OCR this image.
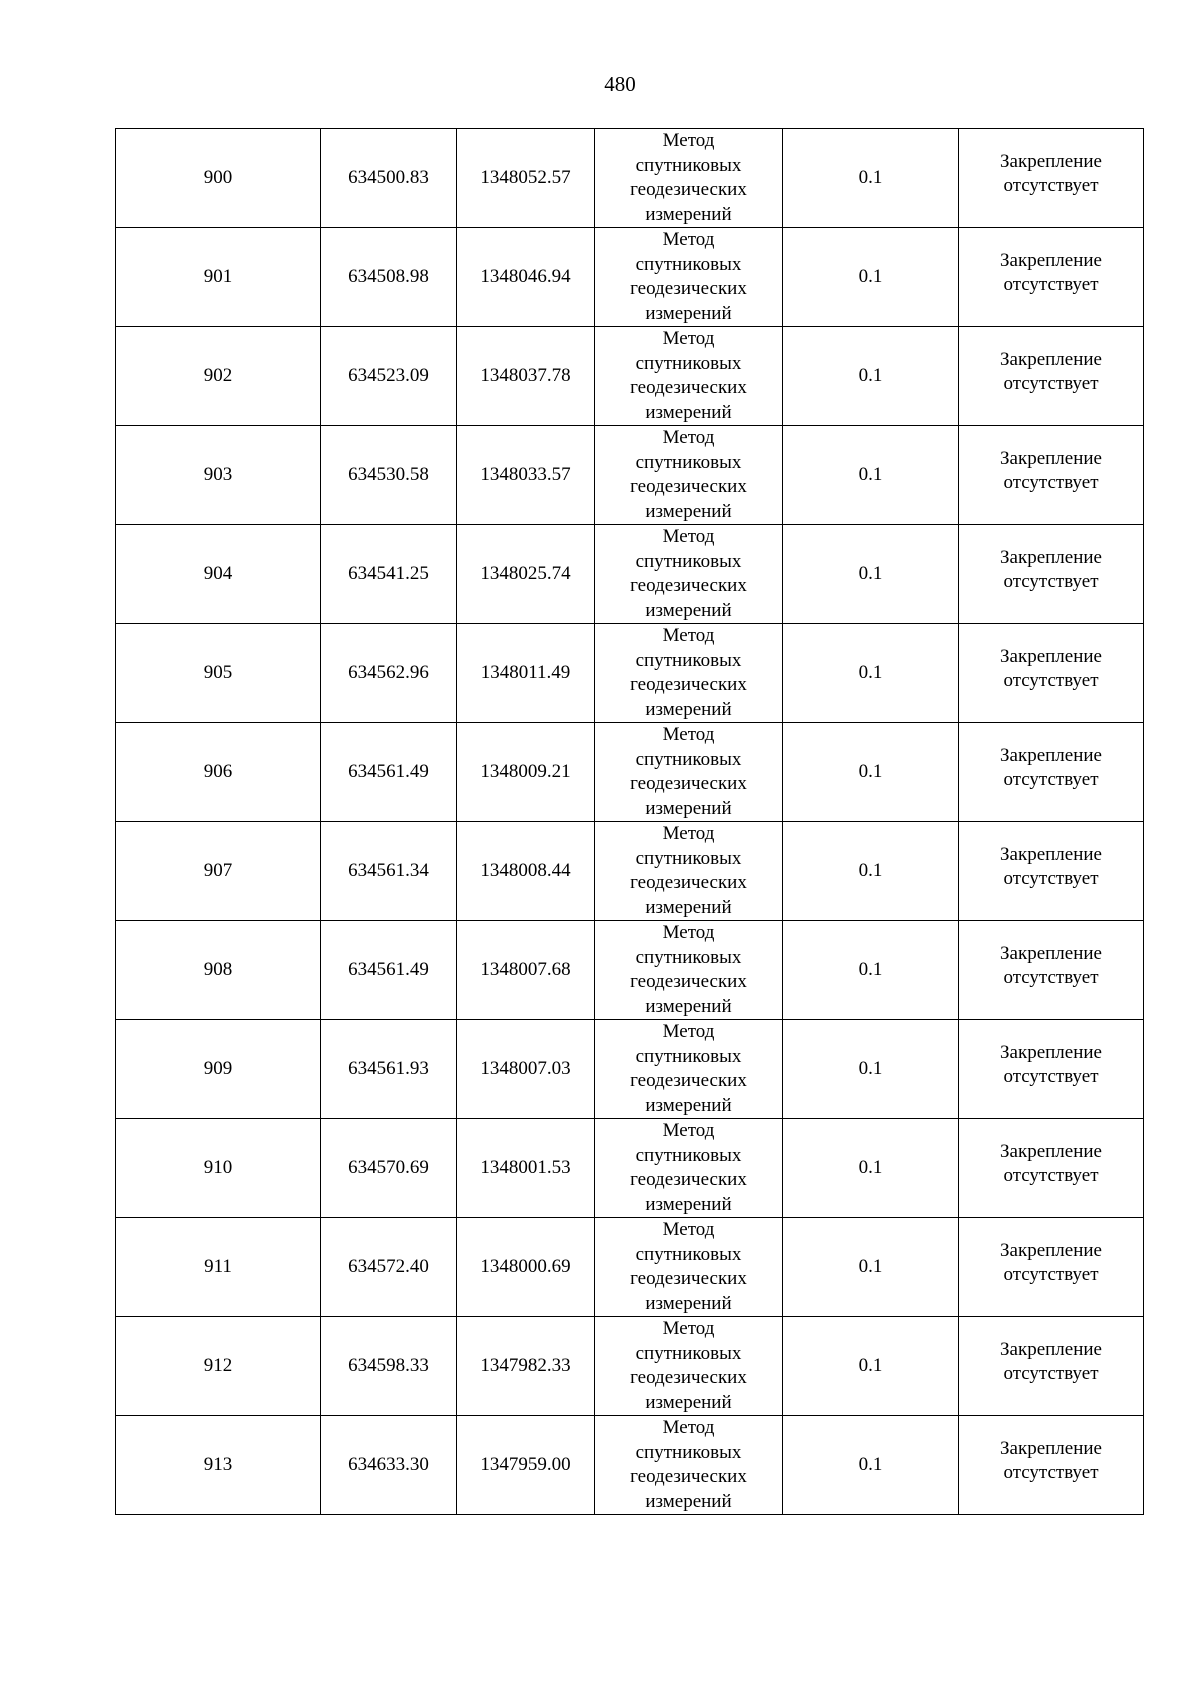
480
900	634500.83	1348052.57	Метод
спутниковых
геодезических
измерений	0.1	Закрепление
отсутствует

901	634508.98	1348046.94	Метод
спутниковых
геодезических
измерений	0.1	Закрепление
отсутствует

902	634523.09	1348037.78	Метод
спутниковых
геодезических
измерений	0.1	Закрепление
отсутствует

903	634530.58	1348033.57	Метод
спутниковых
геодезических
измерений	0.1	Закрепление
отсутствует

904	634541.25	1348025.74	Метод
спутниковых
геодезических
измерений	0.1	Закрепление
отсутствует

905	634562.96	1348011.49	Метод
спутниковых
геодезических
измерений	0.1	Закрепление
отсутствует

906	634561.49	1348009.21	Метод
спутниковых
геодезических
измерений	0.1	Закрепление
отсутствует

907	634561.34	1348008.44	Метод
спутниковых
геодезических
измерений	0.1	Закрепление
отсутствует

908	634561.49	1348007.68	Метод
спутниковых
геодезических
измерений	0.1	Закрепление
отсутствует

909	634561.93	1348007.03	Метод
спутниковых
геодезических
измерений	0.1	Закрепление
отсутствует

910	634570.69	1348001.53	Метод
спутниковых
геодезических
измерений	0.1	Закрепление
отсутствует

911	634572.40	1348000.69	Метод
спутниковых
геодезических
измерений	0.1	Закрепление
отсутствует

912	634598.33	1347982.33	Метод
спутниковых
геодезических
измерений	0.1	Закрепление
отсутствует

913	634633.30	1347959.00	Метод
спутниковых
геодезических
измерений	0.1	Закрепление
отсутствует
